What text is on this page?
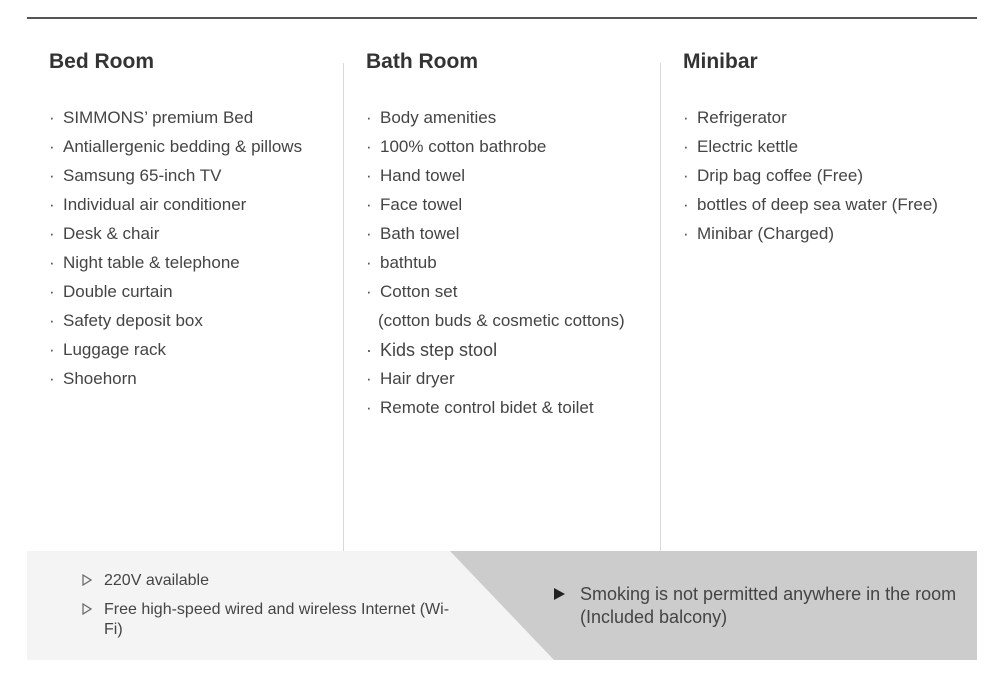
Bed Room
· SIMMONS’ premium Bed
· Antiallergenic bedding & pillows
· Samsung 65-inch TV
· Individual air conditioner
· Desk & chair
· Night table & telephone
· Double curtain
· Safety deposit box
· Luggage rack
· Shoehorn
Bath Room
· Body amenities
· 100% cotton bathrobe
· Hand towel
· Face towel
· Bath towel
· bathtub
· Cotton set
(cotton buds & cosmetic cottons)
· Kids step stool
· Hair dryer
· Remote control bidet & toilet
Minibar
· Refrigerator
· Electric kettle
· Drip bag coffee (Free)
· bottles of deep sea water (Free)
· Minibar (Charged)
220V available
Free high-speed wired and wireless Internet (Wi-Fi)
Smoking is not permitted anywhere in the room (Included balcony)
